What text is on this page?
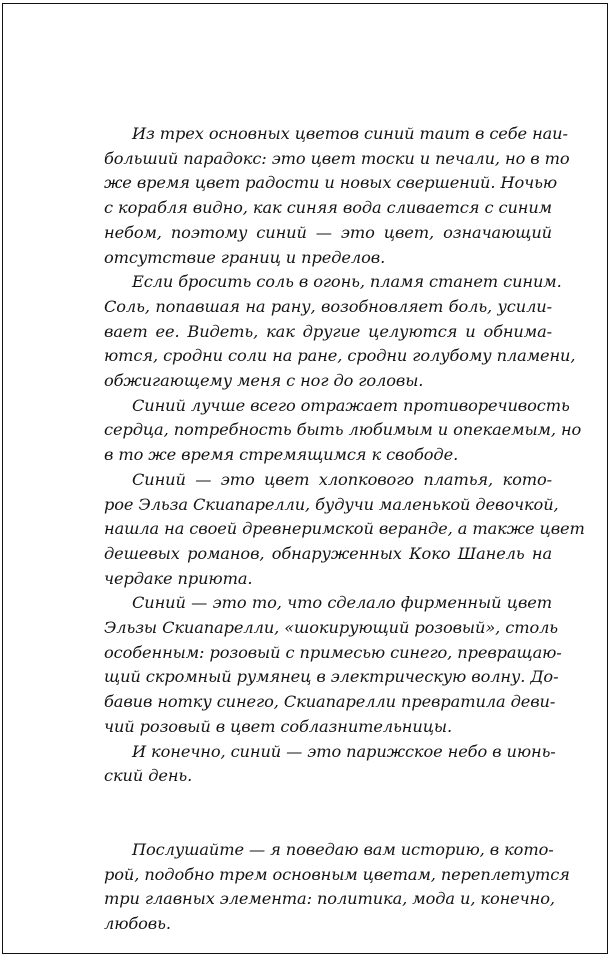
Из трех основных цветов синий таит в себе наи-
больший парадокс: это цвет тоски и печали, но в то
же время цвет радости и новых свершений. Ночью
с корабля видно, как синяя вода сливается с синим
небом, поэтому синий — это цвет, означающий
отсутствие границ и пределов.

Если бросить соль в огонь, пламя станет синим.
Соль, попавшая на рану, возобновляет боль, усили-
вает ее. Видеть, как другие целуются и обнима-
ются, сродни соли на ране, сродни голубому пламени,
обжигающему меня с ног до головы.

Синий лучше всего отражает противоречивость
сердца, потребность быть любимым и опекаемым, но
в то же время стремящимся к свободе.

Синий — это цвет хлопкового платья, кото-
рое Эльза Скиапарелли, будучи маленькой девочкой,
нашла на своей древнеримской веранде, а также цвет
дешевых романов, обнаруженных Коко Шанель на
чердаке приюта.

Синий — это то, что сделало фирменный цвет
Эльзы Скиапарелли, «шокирующий розовый», столь
особенным: розовый с примесью синего, превращаю-
щий скромный румянец в электрическую волну. До-
бавив нотку синего, Скиапарелли превратила деви-
чий розовый в цвет соблазнительницы.

И конечно, синий — это парижское небо в июнь-
ский день.

Послушайте — я поведаю вам историю, в кото-
рой, подобно трем основным цветам, переплетутся
три главных элемента: политика, мода и, конечно,
любовь.
